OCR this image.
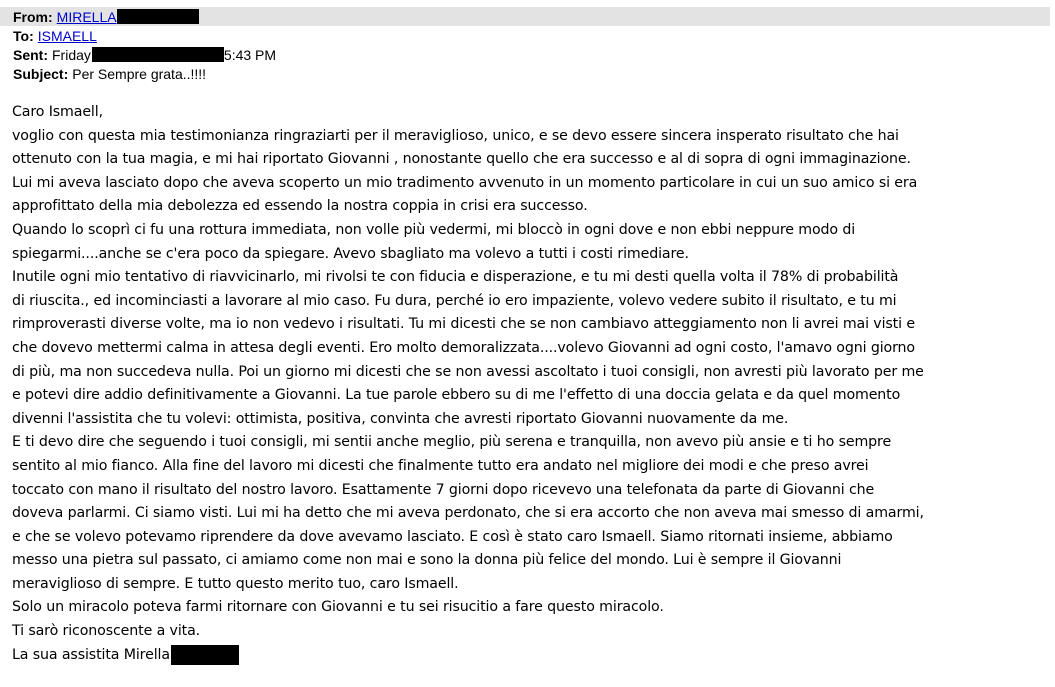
From: MIRELLA
To: ISMAELL
Sent: Friday	5:43 PM
Subject: Per Sempre grata..!!!!
Caro Ismaell,
voglio con questa mia testimonianza ringraziarti per il meraviglioso, unico, e se devo essere sincera insperato risultato che hai
ottenuto con la tua magia, e mi hai riportato Giovanni , nonostante quello che era successo e al di sopra di ogni immaginazione.
Lui mi aveva lasciato dopo che aveva scoperto un mio tradimento avvenuto in un momento particolare in cui un suo amico si era
approfittato della mia debolezza ed essendo la nostra coppia in crisi era successo.
Quando lo scoprì ci fu una rottura immediata, non volle più vedermi, mi bloccò in ogni dove e non ebbi neppure modo di
spiegarmi....anche se c'era poco da spiegare. Avevo sbagliato ma volevo a tutti i costi rimediare.
Inutile ogni mio tentativo di riavvicinarlo, mi rivolsi te con fiducia e disperazione, e tu mi desti quella volta il 78% di probabilità
di riuscita., ed incominciasti a lavorare al mio caso. Fu dura, perché io ero impaziente, volevo vedere subito il risultato, e tu mi
rimproverasti diverse volte, ma io non vedevo i risultati. Tu mi dicesti che se non cambiavo atteggiamento non li avrei mai visti e
che dovevo mettermi calma in attesa degli eventi. Ero molto demoralizzata....volevo Giovanni ad ogni costo, l'amavo ogni giorno
di più, ma non succedeva nulla. Poi un giorno mi dicesti che se non avessi ascoltato i tuoi consigli, non avresti più lavorato per me
e potevi dire addio definitivamente a Giovanni. La tue parole ebbero su di me l'effetto di una doccia gelata e da quel momento
divenni l'assistita che tu volevi: ottimista, positiva, convinta che avresti riportato Giovanni nuovamente da me.
E ti devo dire che seguendo i tuoi consigli, mi sentii anche meglio, più serena e tranquilla, non avevo più ansie e ti ho sempre
sentito al mio fianco. Alla fine del lavoro mi dicesti che finalmente tutto era andato nel migliore dei modi e che preso avrei
toccato con mano il risultato del nostro lavoro. Esattamente 7 giorni dopo ricevevo una telefonata da parte di Giovanni che
doveva parlarmi. Ci siamo visti. Lui mi ha detto che mi aveva perdonato, che si era accorto che non aveva mai smesso di amarmi,
e che se volevo potevamo riprendere da dove avevamo lasciato. E così è stato caro Ismaell. Siamo ritornati insieme, abbiamo
messo una pietra sul passato, ci amiamo come non mai e sono la donna più felice del mondo. Lui è sempre il Giovanni
meraviglioso di sempre. E tutto questo merito tuo, caro Ismaell.
Solo un miracolo poteva farmi ritornare con Giovanni e tu sei risucitio a fare questo miracolo.
Ti sarò riconoscente a vita.
La sua assistita Mirella
